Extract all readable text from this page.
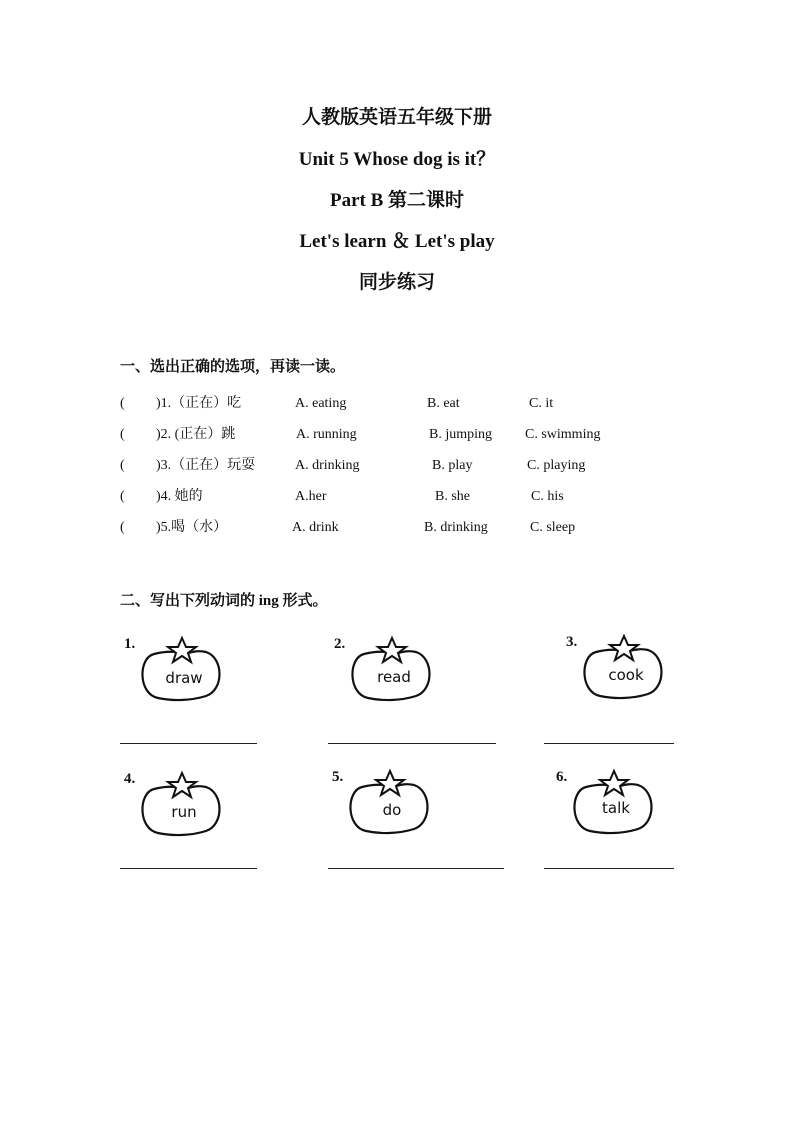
人教版英语五年级下册
Unit 5 Whose dog is it？
Part B 第二课时
Let's learn ＆ Let's play
同步练习
一、选出正确的选项，再读一读。
( )1.（正在）吃	A. eating	B. eat	C. it
( )2. (正在）跳	A. running	B. jumping C. swimming
( )3.（正在）玩耍	A. drinking	B. play	C. playing
( )4. 她的	A.her	B. she	C. his
( )5.喝（水）	A. drink	B. drinking	C. sleep
二、写出下列动词的 ing 形式。
1.
draw
2.
read
3.
cook
4.
run
5.
do
6.
talk
